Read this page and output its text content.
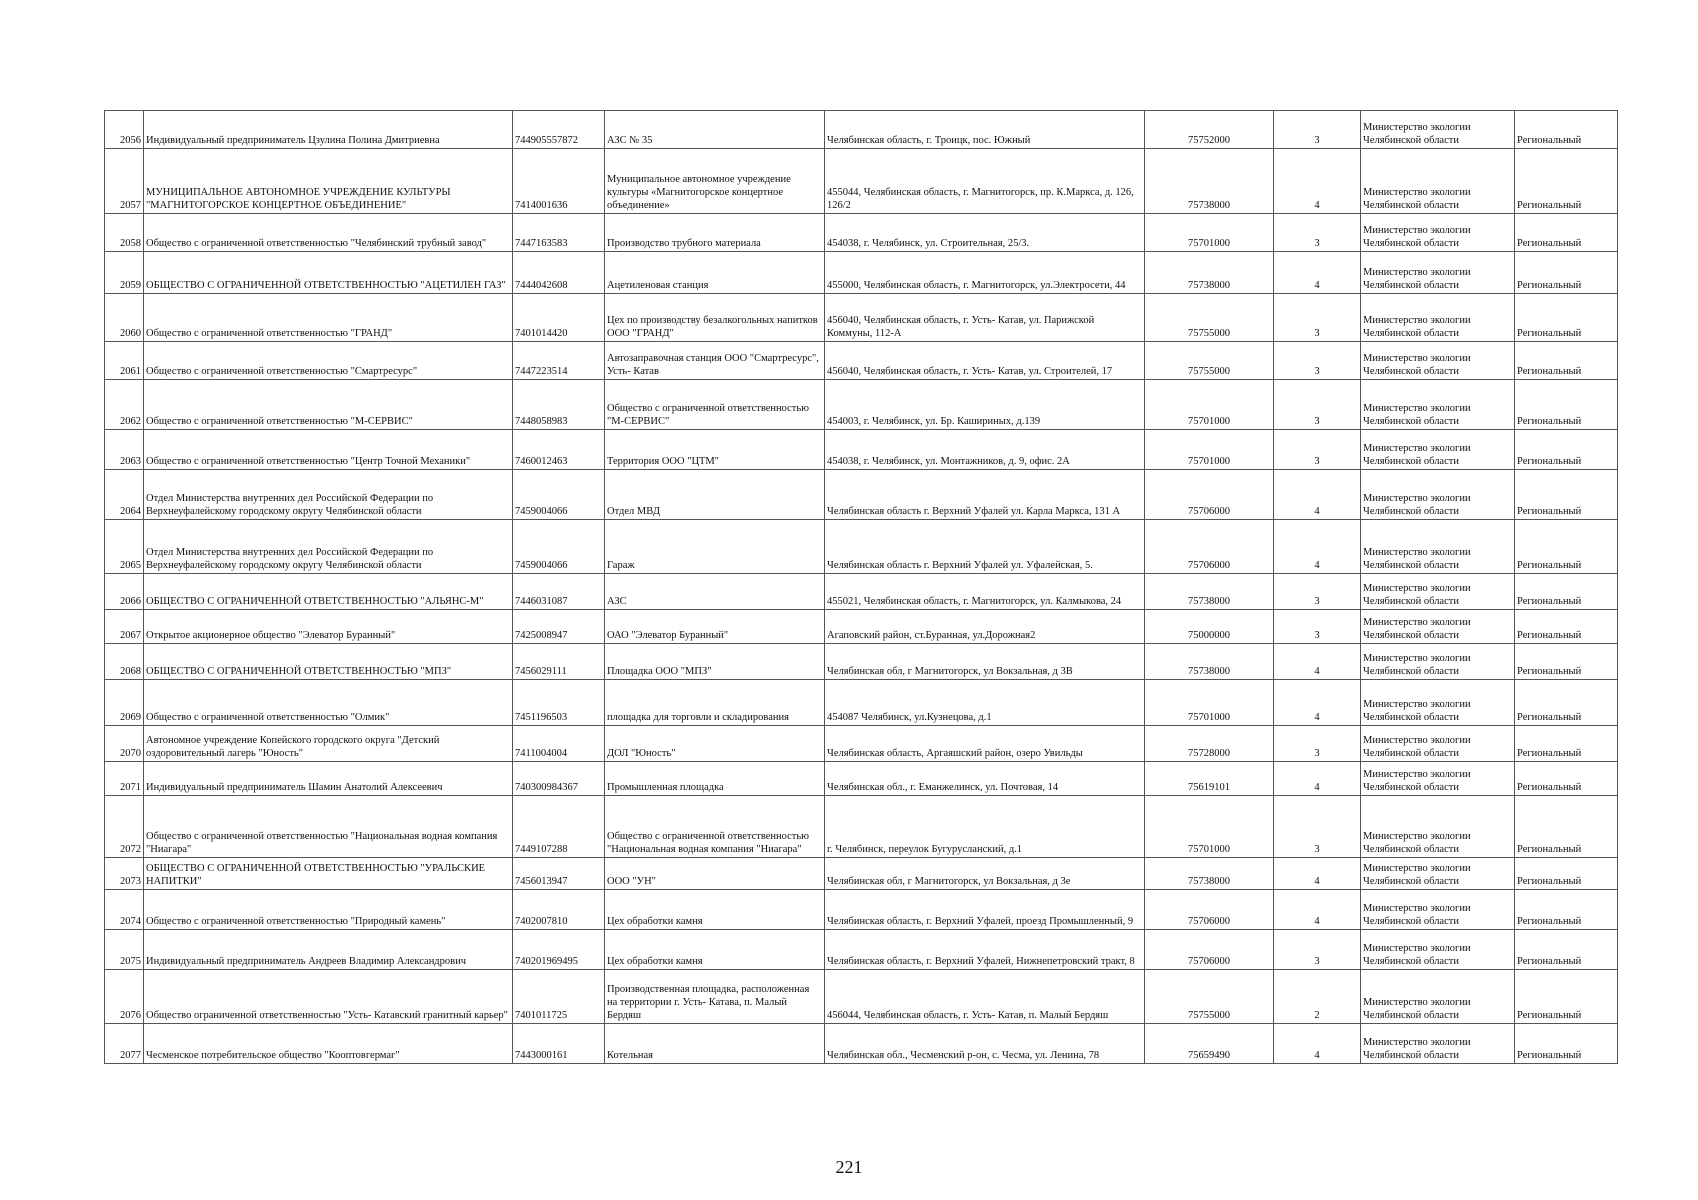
2056	Индивидуальный предприниматель Цзулина Полина Дмитриевна	744905557872	АЗС № 35	Челябинская область, г. Троицк, пос. Южный	75752000	3	Министерство экологии Челябинской области	Региональный
2057	МУНИЦИПАЛЬНОЕ АВТОНОМНОЕ УЧРЕЖДЕНИЕ КУЛЬТУРЫ "МАГНИТОГОРСКОЕ КОНЦЕРТНОЕ ОБЪЕДИНЕНИЕ"	7414001636	Муниципальное автономное учреждение культуры «Магнитогорское концертное объединение»	455044, Челябинская область, г. Магнитогорск, пр. К.Маркса, д. 126, 126/2	75738000	4	Министерство экологии Челябинской области	Региональный
2058	Общество с ограниченной ответственностью "Челябинский трубный завод"	7447163583	Производство трубного материала	454038, г. Челябинск, ул. Строительная, 25/3.	75701000	3	Министерство экологии Челябинской области	Региональный
2059	ОБЩЕСТВО С ОГРАНИЧЕННОЙ ОТВЕТСТВЕННОСТЬЮ "АЦЕТИЛЕН ГАЗ"	7444042608	Ацетиленовая станция	455000, Челябинская область, г. Магнитогорск, ул.Электросети, 44	75738000	4	Министерство экологии Челябинской области	Региональный
2060	Общество с ограниченной ответственностью "ГРАНД"	7401014420	Цех по производству безалкогольных напитков ООО "ГРАНД"	456040, Челябинская область, г. Усть- Катав, ул. Парижской Коммуны, 112-А	75755000	3	Министерство экологии Челябинской области	Региональный
2061	Общество с ограниченной ответственностью "Смартресурс"	7447223514	Автозаправочная станция ООО "Смартресурс", Усть- Катав	456040, Челябинская область, г. Усть- Катав, ул. Строителей, 17	75755000	3	Министерство экологии Челябинской области	Региональный
2062	Общество с ограниченной ответственностью "М-СЕРВИС"	7448058983	Общество с ограниченной ответственностью "М-СЕРВИС"	454003, г. Челябинск, ул. Бр. Кашириных, д.139	75701000	3	Министерство экологии Челябинской области	Региональный
2063	Общество с ограниченной ответственностью "Центр Точной Механики"	7460012463	Территория ООО "ЦТМ"	454038, г. Челябинск, ул. Монтажников, д. 9, офис. 2А	75701000	3	Министерство экологии Челябинской области	Региональный
2064	Отдел Министерства внутренних дел Российской Федерации по Верхнеуфалейскому городскому округу Челябинской области	7459004066	Отдел МВД	Челябинская область г. Верхний Уфалей ул. Карла Маркса, 131 А	75706000	4	Министерство экологии Челябинской области	Региональный
2065	Отдел Министерства внутренних дел Российской Федерации по Верхнеуфалейскому городскому округу Челябинской области	7459004066	Гараж	Челябинская область г. Верхний Уфалей ул. Уфалейская, 5.	75706000	4	Министерство экологии Челябинской области	Региональный
2066	ОБЩЕСТВО С ОГРАНИЧЕННОЙ ОТВЕТСТВЕННОСТЬЮ "АЛЬЯНС-М"	7446031087	АЗС	455021, Челябинская область, г. Магнитогорск, ул. Калмыкова, 24	75738000	3	Министерство экологии Челябинской области	Региональный
2067	Открытое акционерное общество "Элеватор Буранный"	7425008947	ОАО "Элеватор Буранный"	Агаповский район, ст.Буранная, ул.Дорожная2	75000000	3	Министерство экологии Челябинской области	Региональный
2068	ОБЩЕСТВО С ОГРАНИЧЕННОЙ ОТВЕТСТВЕННОСТЬЮ "МПЗ"	7456029111	Площадка ООО "МПЗ"	Челябинская обл, г Магнитогорск, ул Вокзальная, д 3В	75738000	4	Министерство экологии Челябинской области	Региональный
2069	Общество с ограниченной ответственностью "Олмик"	7451196503	площадка для торговли и складирования	454087 Челябинск, ул.Кузнецова, д.1	75701000	4	Министерство экологии Челябинской области	Региональный
2070	Автономное учреждение Копейского городского округа "Детский оздоровительный лагерь "Юность"	7411004004	ДОЛ "Юность"	Челябинская область, Аргаяшский район, озеро Увильды	75728000	3	Министерство экологии Челябинской области	Региональный
2071	Индивидуальный предприниматель Шамин Анатолий Алексеевич	740300984367	Промышленная площадка	Челябинская обл., г. Еманжелинск, ул. Почтовая, 14	75619101	4	Министерство экологии Челябинской области	Региональный
2072	Общество с ограниченной ответственностью "Национальная водная компания "Ниагара"	7449107288	Общество с ограниченной ответственностью "Национальная водная компания "Ниагара"	г. Челябинск, переулок Бугурусланский, д.1	75701000	3	Министерство экологии Челябинской области	Региональный
2073	ОБЩЕСТВО С ОГРАНИЧЕННОЙ ОТВЕТСТВЕННОСТЬЮ "УРАЛЬСКИЕ НАПИТКИ"	7456013947	ООО "УН"	Челябинская обл, г Магнитогорск, ул Вокзальная, д 3е	75738000	4	Министерство экологии Челябинской области	Региональный
2074	Общество с ограниченной ответственностью "Природный камень"	7402007810	Цех обработки камня	Челябинская область, г. Верхний Уфалей, проезд Промышленный, 9	75706000	4	Министерство экологии Челябинской области	Региональный
2075	Индивидуальный предприниматель Андреев Владимир Александрович	740201969495	Цех обработки камня	Челябинская область, г. Верхний Уфалей, Нижнепетровский тракт, 8	75706000	3	Министерство экологии Челябинской области	Региональный
2076	Общество ограниченной ответственностью "Усть- Катавский гранитный карьер"	7401011725	Производственная площадка, расположенная на территории г. Усть- Катава, п. Малый Бердяш	456044, Челябинская область, г. Усть- Катав, п. Малый Бердяш	75755000	2	Министерство экологии Челябинской области	Региональный
2077	Чесменское потребительское общество "Кооптовгермаг"	7443000161	Котельная	Челябинская обл., Чесменский р-он, с. Чесма, ул. Ленина, 78	75659490	4	Министерство экологии Челябинской области	Региональный
221
